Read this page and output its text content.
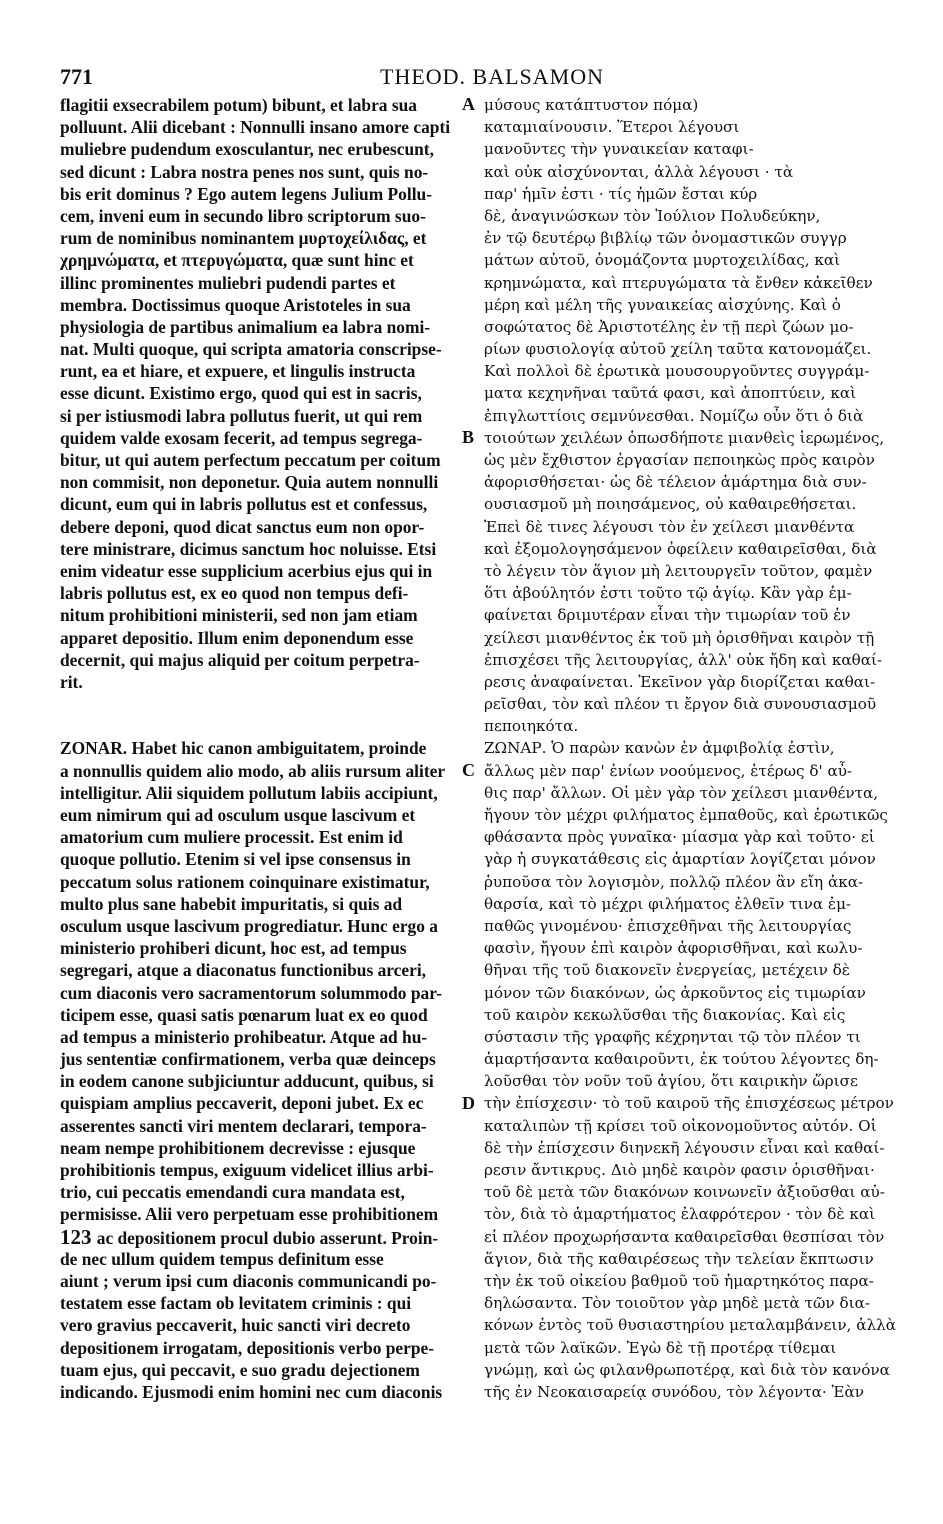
771	THEOD. BALSAMON
flagitii exsecrabilem potum) bibunt, et labra sua
polluunt. Alii dicebant : Nonnulli insano amore capti
muliebre pudendum exosculantur, nec erubescunt,
sed dicunt : Labra nostra penes nos sunt, quis no-
bis erit dominus ? Ego autem legens Julium Pollu-
cem, inveni eum in secundo libro scriptorum suo-
rum de nominibus nominantem μυρτοχείλιδας, et
χρημνώματα, et πτερυγώματα, quæ sunt hinc et
illinc prominentes muliebri pudendi partes et
membra. Doctissimus quoque Aristoteles in sua
physiologia de partibus animalium ea labra nomi-
nat. Multi quoque, qui scripta amatoria conscripse-
runt, ea et hiare, et expuere, et lingulis instructa
esse dicunt. Existimo ergo, quod qui est in sacris,
si per istiusmodi labra pollutus fuerit, ut qui rem
quidem valde exosam fecerit, ad tempus segrega-
bitur, ut qui autem perfectum peccatum per coitum
non commisit, non deponetur. Quia autem nonnulli
dicunt, eum qui in labris pollutus est et confessus,
debere deponi, quod dicat sanctus eum non opor-
tere ministrare, dicimus sanctum hoc noluisse. Etsi
enim videatur esse supplicium acerbius ejus qui in
labris pollutus est, ex eo quod non tempus defi-
nitum prohibitioni ministerii, sed non jam etiam
apparet depositio. Illum enim deponendum esse
decernit, qui majus aliquid per coitum perpetra-
rit.
ZONAR. Habet hic canon ambiguitatem, proinde
a nonnullis quidem alio modo, ab aliis rursum aliter
intelligitur. Alii siquidem pollutum labiis accipiunt,
eum nimirum qui ad osculum usque lascivum et
amatorium cum muliere processit. Est enim id
quoque pollutio. Etenim si vel ipse consensus in
peccatum solus rationem coinquinare existimatur,
multo plus sane habebit impuritatis, si quis ad
osculum usque lascivum progrediatur. Hunc ergo a
ministerio prohiberi dicunt, hoc est, ad tempus
segregari, atque a diaconatus functionibus arceri,
cum diaconis vero sacramentorum solummodo par-
ticipem esse, quasi satis pœnarum luat ex eo quod
ad tempus a ministerio prohibeatur. Atque ad hu-
jus sententiæ confirmationem, verba quæ deinceps
in eodem canone subjiciuntur adducunt, quibus, si
quispiam amplius peccaverit, deponi jubet. Ex ec
asserentes sancti viri mentem declarari, tempora-
neam nempe prohibitionem decrevisse : ejusque
prohibitionis tempus, exiguum videlicet illius arbi-
trio, cui peccatis emendandi cura mandata est,
permisisse. Alii vero perpetuam esse prohibitionem
123 ac depositionem procul dubio asserunt. Proin-
de nec ullum quidem tempus definitum esse
aiunt ; verum ipsi cum diaconis communicandi po-
testatem esse factam ob levitatem criminis : qui
vero gravius peccaverit, huic sancti viri decreto
depositionem irrogatam, depositionis verbo perpe-
tuam ejus, qui peccavit, e suo gradu dejectionem
indicando. Ejusmodi enim homini nec cum diaconis
μύσους κατάπτυστον πόμα)
καταμιαίνουσιν. Ἕτεροι λέγουσι
μανοῦντες τὴν γυναικείαν καταφι-
καὶ οὐκ αἰσχύνονται, ἀλλὰ λέγουσι · τὰ
παρ' ἡμῖν ἐστι · τίς ἡμῶν ἔσται κύρ
δὲ, ἀναγινώσκων τὸν Ἰούλιον Πολυδεύκην,
ἐν τῷ δευτέρῳ βιβλίῳ τῶν ὀνομαστικῶν συγγρ
μάτων αὐτοῦ, ὀνομάζοντα μυρτοχειλίδας, καὶ
κρημνώματα, καὶ πτερυγώματα τὰ ἔνθεν κἀκεῖθεν
μέρη καὶ μέλη τῆς γυναικείας αἰσχύνης. Καὶ ὁ
σοφώτατος δὲ Ἀριστοτέλης ἐν τῇ περὶ ζώων μο-
ρίων φυσιολογίᾳ αὐτοῦ χείλη ταῦτα κατονομάζει.
Καὶ πολλοὶ δὲ ἐρωτικὰ μουσουργοῦντες συγγράμ-
ματα κεχηνῆναι ταῦτά φασι, καὶ ἀποπτύειν, καὶ
ἐπιγλωττίοις σεμνύνεσθαι. Νομίζω οὖν ὅτι ὁ διὰ
τοιούτων χειλέων ὁπωσδήποτε μιανθεὶς ἱερωμένος,
ὡς μὲν ἔχθιστον ἐργασίαν πεποιηκὼς πρὸς καιρὸν
ἀφορισθήσεται· ὡς δὲ τέλειον ἁμάρτημα διὰ συν-
ουσιασμοῦ μὴ ποιησάμενος, οὐ καθαιρεθήσεται.
Ἐπεὶ δὲ τινες λέγουσι τὸν ἐν χείλεσι μιανθέντα
καὶ ἐξομολογησάμενον ὀφείλειν καθαιρεῖσθαι, διὰ
τὸ λέγειν τὸν ἅγιον μὴ λειτουργεῖν τοῦτον, φαμὲν
ὅτι ἀβούλητόν ἐστι τοῦτο τῷ ἁγίῳ. Κἂν γὰρ ἐμ-
φαίνεται δριμυτέραν εἶναι τὴν τιμωρίαν τοῦ ἐν
χείλεσι μιανθέντος ἐκ τοῦ μὴ ὁρισθῆναι καιρὸν τῇ
ἐπισχέσει τῆς λειτουργίας, ἀλλ' οὐκ ἤδη καὶ καθαί-
ρεσις ἀναφαίνεται. Ἐκεῖνον γὰρ διορίζεται καθαι-
ρεῖσθαι, τὸν καὶ πλέον τι ἔργον διὰ συνουσιασμοῦ
πεποιηκότα.
ΖΩΝΑΡ. Ὁ παρὼν κανὼν ἐν ἀμφιβολίᾳ ἐστὶν,
ἄλλως μὲν παρ' ἐνίων νοούμενος, ἑτέρως δ' αὖ-
θις παρ' ἄλλων. Οἱ μὲν γὰρ τὸν χείλεσι μιανθέντα,
ἤγουν τὸν μέχρι φιλήματος ἐμπαθοῦς, καὶ ἐρωτικῶς
φθάσαντα πρὸς γυναῖκα· μίασμα γὰρ καὶ τοῦτο· εἰ
γὰρ ἡ συγκατάθεσις εἰς ἁμαρτίαν λογίζεται μόνον
ῥυποῦσα τὸν λογισμὸν, πολλῷ πλέον ἂν εἴη ἀκα-
θαρσία, καὶ τὸ μέχρι φιλήματος ἐλθεῖν τινα ἐμ-
παθῶς γινομένου· ἐπισχεθῆναι τῆς λειτουργίας
φασὶν, ἤγουν ἐπὶ καιρὸν ἀφορισθῆναι, καὶ κωλυ-
θῆναι τῆς τοῦ διακονεῖν ἐνεργείας, μετέχειν δὲ
μόνον τῶν διακόνων, ὡς ἀρκοῦντος εἰς τιμωρίαν
τοῦ καιρὸν κεκωλῦσθαι τῆς διακονίας. Καὶ εἰς
σύστασιν τῆς γραφῆς κέχρηνται τῷ τὸν πλέον τι
ἁμαρτήσαντα καθαιροῦντι, ἐκ τούτου λέγοντες δη-
λοῦσθαι τὸν νοῦν τοῦ ἁγίου, ὅτι καιρικὴν ὥρισε
τὴν ἐπίσχεσιν· τὸ τοῦ καιροῦ τῆς ἐπισχέσεως μέτρον
καταλιπὼν τῇ κρίσει τοῦ οἰκονομοῦντος αὐτόν. Οἱ
δὲ τὴν ἐπίσχεσιν διηνεκῆ λέγουσιν εἶναι καὶ καθαί-
ρεσιν ἄντικρυς. Διὸ μηδὲ καιρὸν φασιν ὁρισθῆναι·
τοῦ δὲ μετὰ τῶν διακόνων κοινωνεῖν ἀξιοῦσθαι αὐ-
τὸν, διὰ τὸ ἁμαρτήματος ἐλαφρότερον · τὸν δὲ καὶ
εἰ πλέον προχωρήσαντα καθαιρεῖσθαι θεσπίσαι τὸν
ἅγιον, διὰ τῆς καθαιρέσεως τὴν τελείαν ἔκπτωσιν
τὴν ἐκ τοῦ οἰκείου βαθμοῦ τοῦ ἡμαρτηκότος παρα-
δηλώσαντα. Τὸν τοιοῦτον γὰρ μηδὲ μετὰ τῶν δια-
κόνων ἐντὸς τοῦ θυσιαστηρίου μεταλαμβάνειν, ἀλλὰ
μετὰ τῶν λαϊκῶν. Ἐγὼ δὲ τῇ προτέρᾳ τίθεμαι
γνώμῃ, καὶ ὡς φιλανθρωποτέρᾳ, καὶ διὰ τὸν κανόνα
τῆς ἐν Νεοκαισαρείᾳ συνόδου, τὸν λέγοντα· Ἐὰν
A
B
C
D
